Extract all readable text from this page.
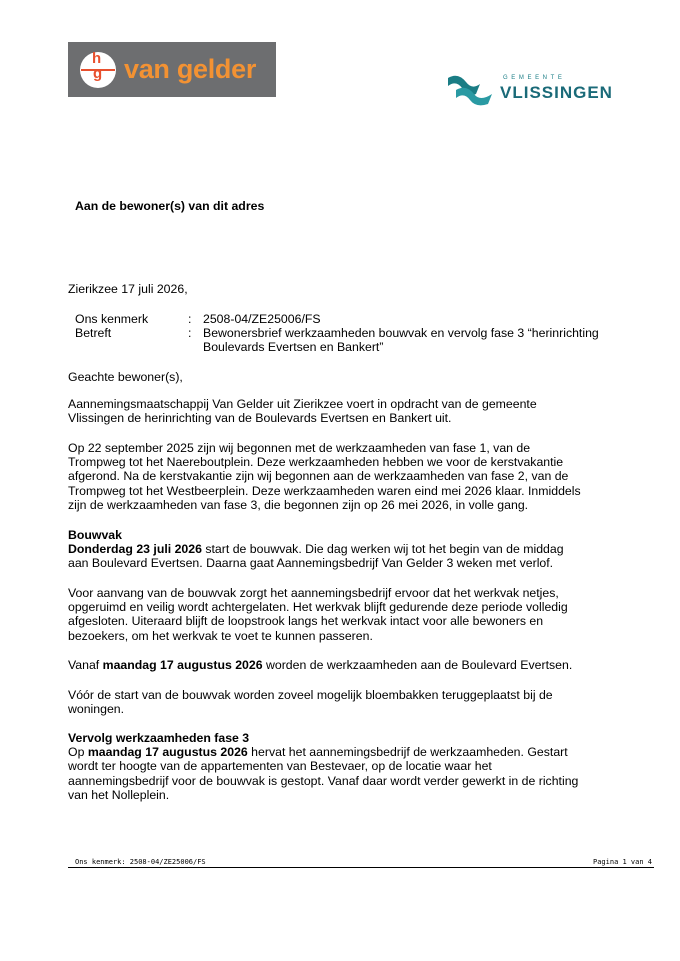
h
g van gelder	GEMEENTE
VLISSINGEN
Aan de bewoner(s) van dit adres
Zierikzee 17 juli 2026,
Ons kenmerk	: 2508-04/ZE25006/FS
Betreft	: Bewonersbrief werkzaamheden bouwvak en vervolg fase 3 “herinrichting
Boulevards Evertsen en Bankert”
Geachte bewoner(s),
Aannemingsmaatschappij Van Gelder uit Zierikzee voert in opdracht van de gemeente
Vlissingen de herinrichting van de Boulevards Evertsen en Bankert uit.
Op 22 september 2025 zijn wij begonnen met de werkzaamheden van fase 1, van de
Trompweg tot het Naereboutplein. Deze werkzaamheden hebben we voor de kerstvakantie
afgerond. Na de kerstvakantie zijn wij begonnen aan de werkzaamheden van fase 2, van de
Trompweg tot het Westbeerplein. Deze werkzaamheden waren eind mei 2026 klaar. Inmiddels
zijn de werkzaamheden van fase 3, die begonnen zijn op 26 mei 2026, in volle gang.
Bouwvak
Donderdag 23 juli 2026 start de bouwvak. Die dag werken wij tot het begin van de middag
aan Boulevard Evertsen. Daarna gaat Aannemingsbedrijf Van Gelder 3 weken met verlof.
Voor aanvang van de bouwvak zorgt het aannemingsbedrijf ervoor dat het werkvak netjes,
opgeruimd en veilig wordt achtergelaten. Het werkvak blijft gedurende deze periode volledig
afgesloten. Uiteraard blijft de loopstrook langs het werkvak intact voor alle bewoners en
bezoekers, om het werkvak te voet te kunnen passeren.
Vanaf maandag 17 augustus 2026 worden de werkzaamheden aan de Boulevard Evertsen.
Vóór de start van de bouwvak worden zoveel mogelijk bloembakken teruggeplaatst bij de
woningen.
Vervolg werkzaamheden fase 3
Op maandag 17 augustus 2026 hervat het aannemingsbedrijf de werkzaamheden. Gestart
wordt ter hoogte van de appartementen van Bestevaer, op de locatie waar het
aannemingsbedrijf voor de bouwvak is gestopt. Vanaf daar wordt verder gewerkt in de richting
van het Nolleplein.
Ons kenmerk: 2508-04/ZE25006/FS	Pagina 1 van 4
